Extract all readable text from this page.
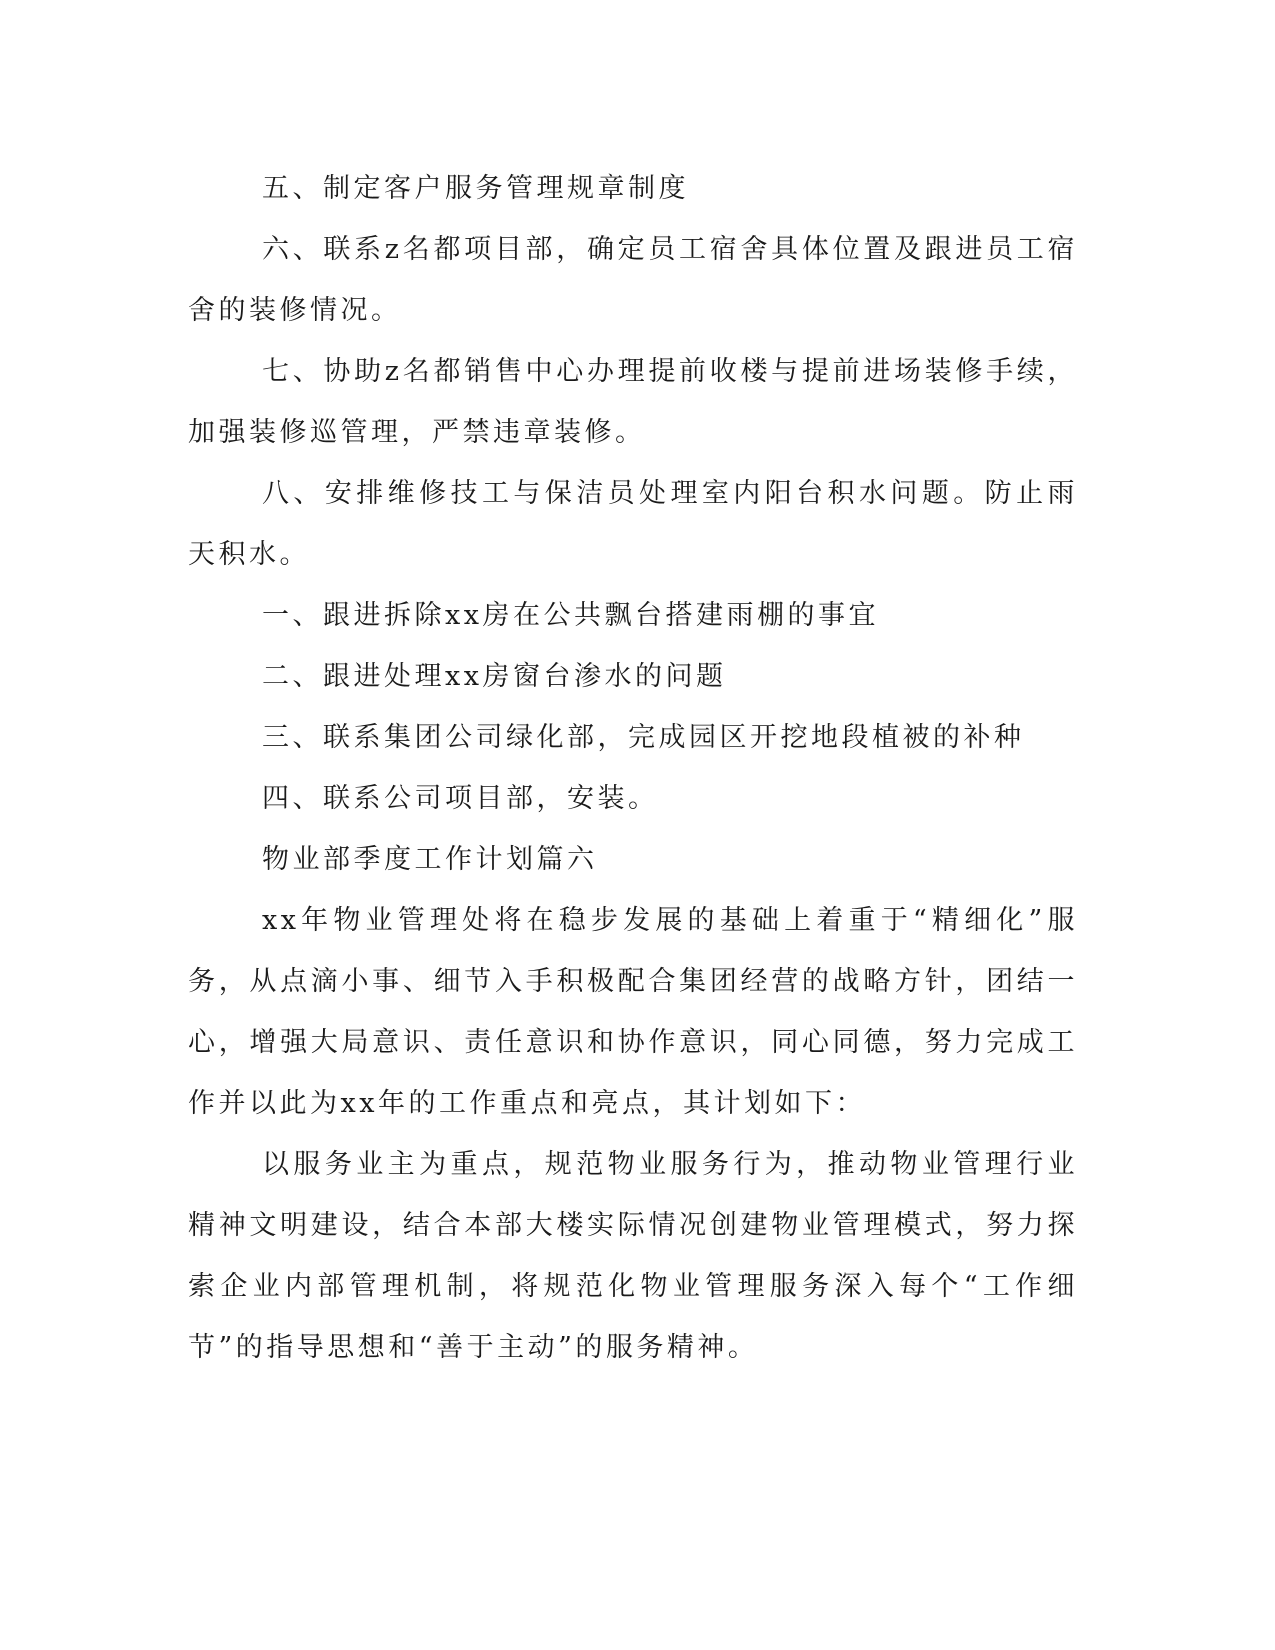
五、制定客户服务管理规章制度

六、联系z名都项目部，确定员工宿舍具体位置及跟进员工宿舍的装修情况。

七、协助z名都销售中心办理提前收楼与提前进场装修手续，加强装修巡管理，严禁违章装修。

八、安排维修技工与保洁员处理室内阳台积水问题。防止雨天积水。

一、跟进拆除xx房在公共飘台搭建雨棚的事宜

二、跟进处理xx房窗台渗水的问题

三、联系集团公司绿化部，完成园区开挖地段植被的补种

四、联系公司项目部，安装。

物业部季度工作计划篇六

xx年物业管理处将在稳步发展的基础上着重于“精细化”服务，从点滴小事、细节入手积极配合集团经营的战略方针，团结一心，增强大局意识、责任意识和协作意识，同心同德，努力完成工作并以此为xx年的工作重点和亮点，其计划如下：

以服务业主为重点，规范物业服务行为，推动物业管理行业精神文明建设，结合本部大楼实际情况创建物业管理模式，努力探索企业内部管理机制，将规范化物业管理服务深入每个“工作细节”的指导思想和“善于主动”的服务精神。
